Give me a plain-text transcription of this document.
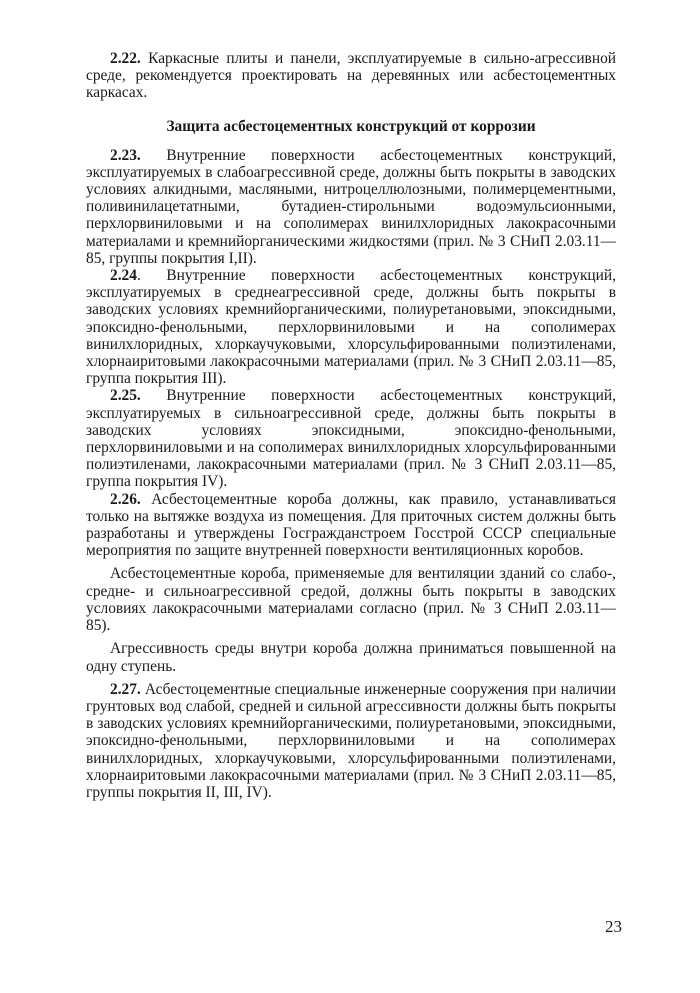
2.22. Каркасные плиты и панели, эксплуатируемые в сильно-агрессивной среде, рекомендуется проектировать на деревянных или асбестоцементных каркасах.

Защита асбестоцементных конструкций от коррозии

2.23. Внутренние поверхности асбестоцементных конструкций, эксплуатируемых в слабоагрессивной среде, должны быть покрыты в заводских условиях алкидными, масляными, нитроцеллюлозными, полимерцементными, поливинилацетатными, бутадиен-стирольными водоэмульсионными, перхлорвиниловыми и на сополимерах винилхлоридных лакокрасочными материалами и кремнийорганическими жидкостями (прил. № 3 СНиП 2.03.11—85, группы покрытия I,II).

2.24. Внутренние поверхности асбестоцементных конструкций, эксплуатируемых в среднеагрессивной среде, должны быть покрыты в заводских условиях кремнийорганическими, полиуретановыми, эпоксидными, эпоксидно-фенольными, перхлорвиниловыми и на сополимерах винилхлоридных, хлоркаучуковыми, хлорсульфированными полиэтиленами, хлорнаиритовыми лакокрасочными материалами (прил. № 3 СНиП 2.03.11—85, группа покрытия III).

2.25. Внутренние поверхности асбестоцементных конструкций, эксплуатируемых в сильноагрессивной среде, должны быть покрыты в заводских условиях эпоксидными, эпоксидно-фенольными, перхлорвиниловыми и на сополимерах винилхлоридных хлорсульфированными полиэтиленами, лакокрасочными материалами (прил. № 3 СНиП 2.03.11—85, группа покрытия IV).

2.26. Асбестоцементные короба должны, как правило, устанавливаться только на вытяжке воздуха из помещения. Для приточных систем должны быть разработаны и утверждены Госгражданстроем Госстрой СССР специальные мероприятия по защите внутренней поверхности вентиляционных коробов.

Асбестоцементные короба, применяемые для вентиляции зданий со слабо-, средне- и сильноагрессивной средой, должны быть покрыты в заводских условиях лакокрасочными материалами согласно (прил. № 3 СНиП 2.03.11—85).

Агрессивность среды внутри короба должна приниматься повышенной на одну ступень.

2.27. Асбестоцементные специальные инженерные сооружения при наличии грунтовых вод слабой, средней и сильной агрессивности должны быть покрыты в заводских условиях кремнийорганическими, полиуретановыми, эпоксидными, эпоксидно-фенольными, перхлорвиниловыми и на сополимерах винилхлоридных, хлоркаучуковыми, хлорсульфированными полиэтиленами, хлорнаиритовыми лакокрасочными материалами (прил. № 3 СНиП 2.03.11—85, группы покрытия II, III, IV).

23
